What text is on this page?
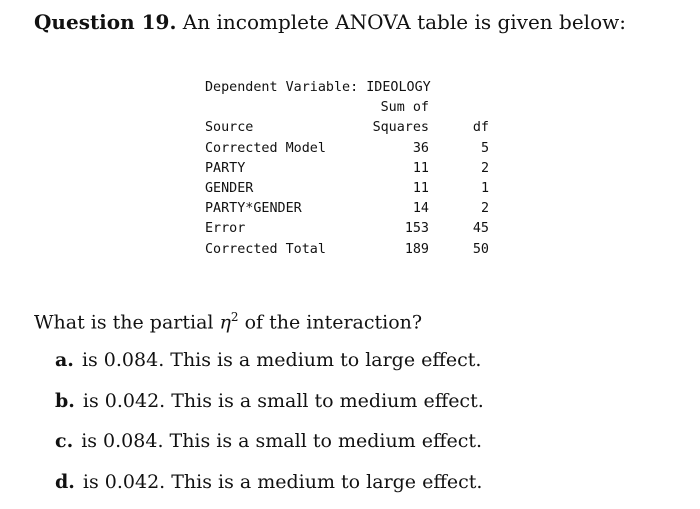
Question 19. An incomplete ANOVA table is given below:
Dependent Variable: IDEOLOGY
Sum of
Source	Squares	df
Corrected Model	36	5
PARTY	11	2
GENDER	11	1
PARTY*GENDER	14	2
Error	153	45
Corrected Total	189	50
What is the partial $\eta^2$ of the interaction?
a. is 0.084. This is a medium to large effect.
b. is 0.042. This is a small to medium effect.
c. is 0.084. This is a small to medium effect.
d. is 0.042. This is a medium to large effect.
